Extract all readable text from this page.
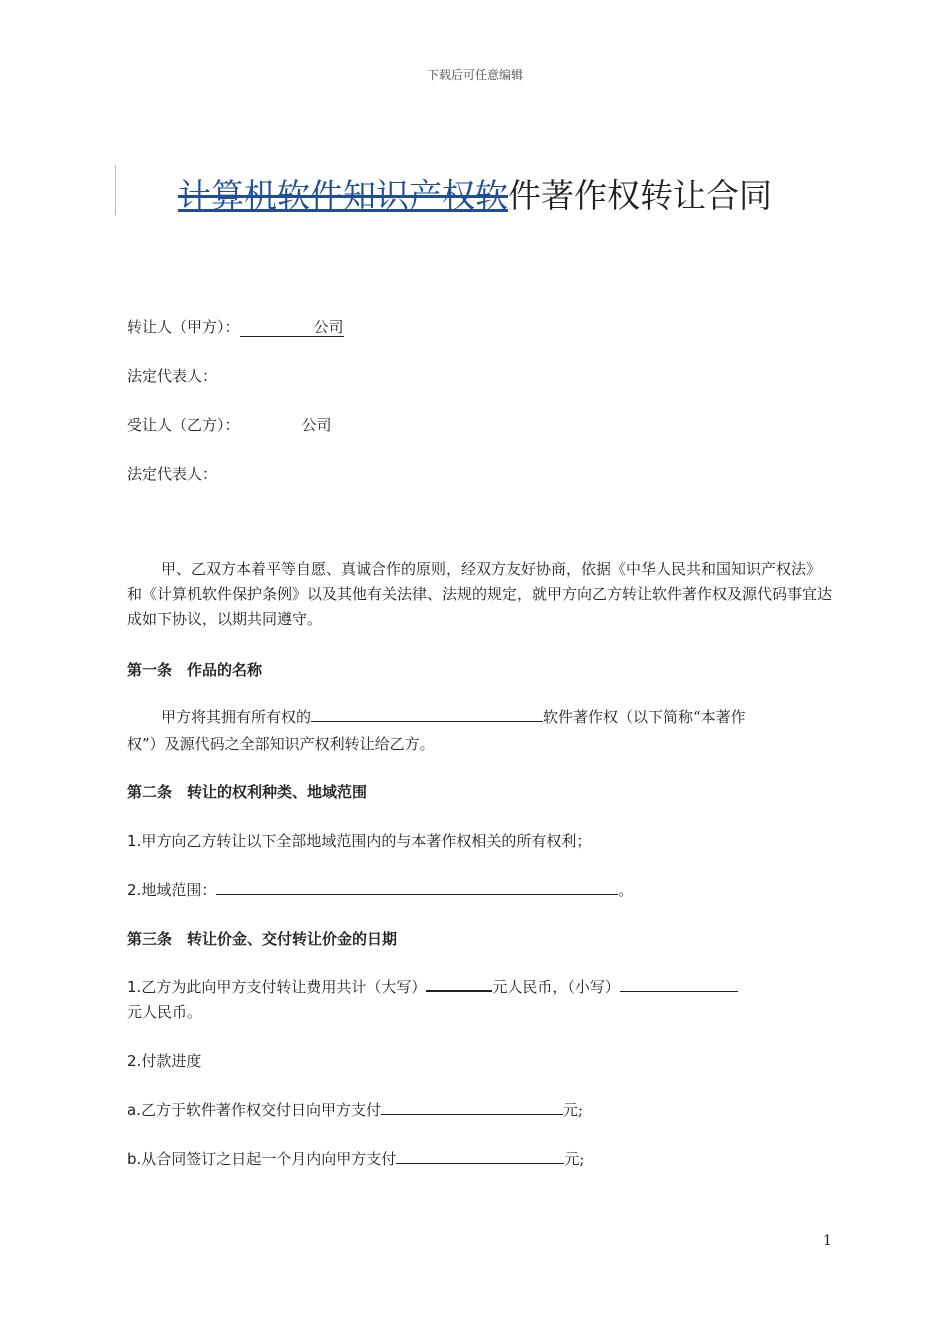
下载后可任意编辑
计算机软件知识产权软件著作权转让合同
转让人（甲方）：	公司
法定代表人：
受让人（乙方）：	公司
法定代表人：
甲、乙双方本着平等自愿、真诚合作的原则，经双方友好协商，依据《中华人民共和国知识产权法》和《计算机软件保护条例》以及其他有关法律、法规的规定，就甲方向乙方转让软件著作权及源代码事宜达成如下协议，以期共同遵守。
第一条　作品的名称
甲方将其拥有所有权的	软件著作权（以下简称“本著作
权”）及源代码之全部知识产权利转让给乙方。
第二条　转让的权利种类、地域范围
1.甲方向乙方转让以下全部地域范围内的与本著作权相关的所有权利；
2.地域范围：	。
第三条　转让价金、交付转让价金的日期
1.乙方为此向甲方支付转让费用共计（大写）	元人民币，（小写）
元人民币。
2.付款进度
a.乙方于软件著作权交付日向甲方支付	元;
b.从合同签订之日起一个月内向甲方支付	元;
1
